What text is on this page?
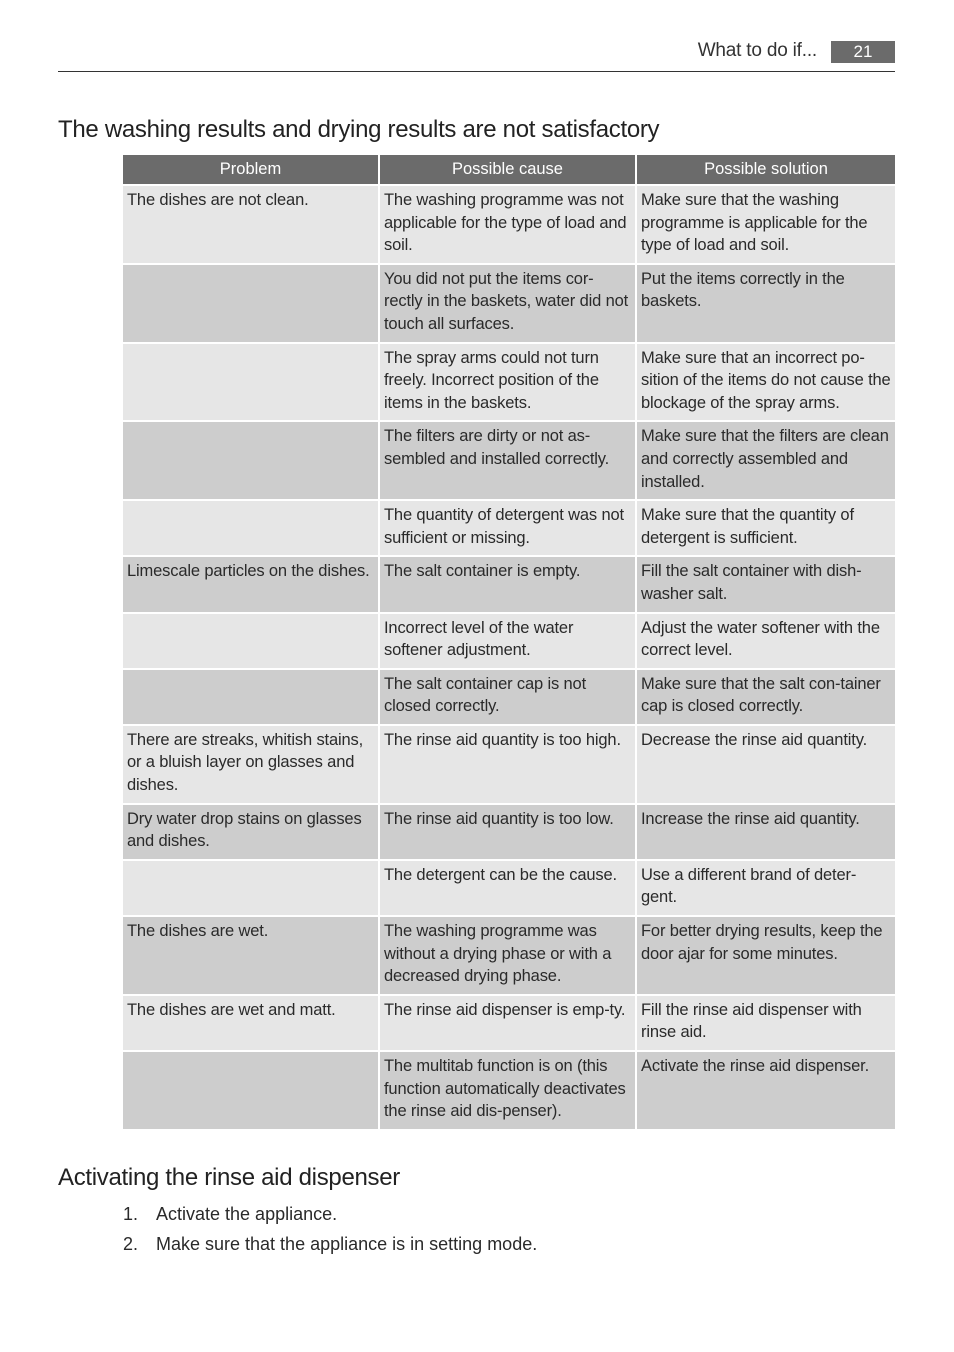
What to do if...	21
The washing results and drying results are not satisfactory
Problem	Possible cause	Possible solution
The dishes are not clean.	The washing programme was not applicable for the type of load and soil.	Make sure that the washing programme is applicable for the type of load and soil.
	You did not put the items cor-rectly in the baskets, water did not touch all surfaces.	Put the items correctly in the baskets.
	The spray arms could not turn freely. Incorrect position of the items in the baskets.	Make sure that an incorrect po-sition of the items do not cause the blockage of the spray arms.
	The filters are dirty or not as-sembled and installed correctly.	Make sure that the filters are clean and correctly assembled and installed.
	The quantity of detergent was not sufficient or missing.	Make sure that the quantity of detergent is sufficient.
Limescale particles on the dishes.	The salt container is empty.	Fill the salt container with dish-washer salt.
	Incorrect level of the water softener adjustment.	Adjust the water softener with the correct level.
	The salt container cap is not closed correctly.	Make sure that the salt con-tainer cap is closed correctly.
There are streaks, whitish stains, or a bluish layer on glasses and dishes.	The rinse aid quantity is too high.	Decrease the rinse aid quantity.
Dry water drop stains on glasses and dishes.	The rinse aid quantity is too low.	Increase the rinse aid quantity.
	The detergent can be the cause.	Use a different brand of deter-gent.
The dishes are wet.	The washing programme was without a drying phase or with a decreased drying phase.	For better drying results, keep the door ajar for some minutes.
The dishes are wet and matt.	The rinse aid dispenser is emp-ty.	Fill the rinse aid dispenser with rinse aid.
	The multitab function is on (this function automatically deactivates the rinse aid dis-penser).	Activate the rinse aid dispenser.
Activating the rinse aid dispenser
1. Activate the appliance.
2. Make sure that the appliance is in setting mode.
